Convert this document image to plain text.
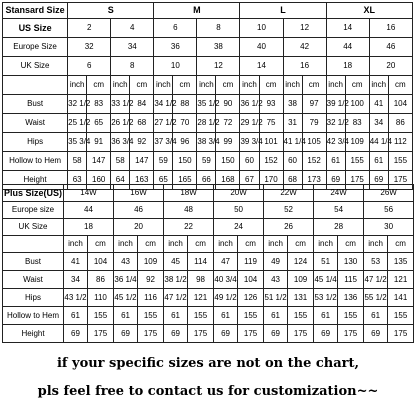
Stansard Size	S				M				L				XL			
US Size	2		4		6		8		10		12		14		16	
Europe Size	32		34		36		38		40		42		44		46	
UK Size	6		8		10		12		14		16		18		20	
	inch	cm	inch	cm	inch	cm	inch	cm	inch	cm	inch	cm	inch	cm	inch	cm
Bust	32 1/2	83	33 1/2	84	34 1/2	88	35 1/2	90	36 1/2	93	38	97	39 1/2	100	41	104
Waist	25 1/2	65	26 1/2	68	27 1/2	70	28 1/2	72	29 1/2	75	31	79	32 1/2	83	34	86
Hips	35 3/4	91	36 3/4	92	37 3/4	96	38 3/4	99	39 3/4	101	41 1/4	105	42 3/4	109	44 1/4	112
Hollow to Hem	58	147	58	147	59	150	59	150	60	152	60	152	61	155	61	155
Height	63	160	64	163	65	165	66	168	67	170	68	173	69	175	69	175
Plus Size(US)	14W		16W		18W		20W		22W		24W		26W	
Europe size	44		46		48		50		52		54		56	
UK Size	18		20		22		24		26		28		30	
	inch	cm	inch	cm	inch	cm	inch	cm	inch	cm	inch	cm	inch	cm
Bust	41	104	43	109	45	114	47	119	49	124	51	130	53	135
Waist	34	86	36 1/4	92	38 1/2	98	40 3/4	104	43	109	45 1/4	115	47 1/2	121
Hips	43 1/2	110	45 1/2	116	47 1/2	121	49 1/2	126	51 1/2	131	53 1/2	136	55 1/2	141
Hollow to Hem	61	155	61	155	61	155	61	155	61	155	61	155	61	155
Height	69	175	69	175	69	175	69	175	69	175	69	175	69	175
if your specific sizes are not on the chart,
pls feel free to contact us for customization~~
